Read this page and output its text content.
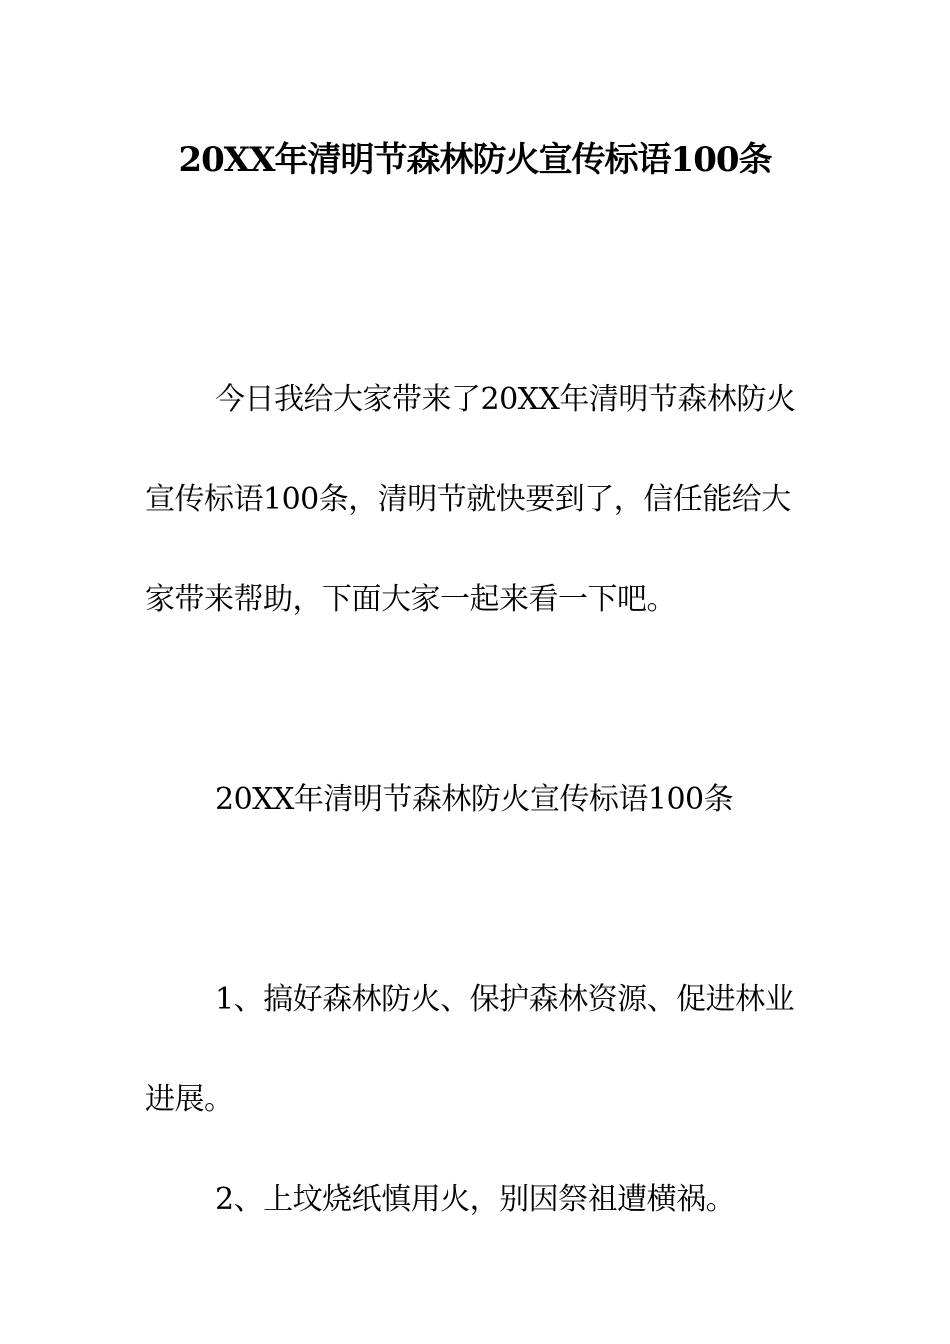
20XX年清明节森林防火宣传标语100条
今日我给大家带来了20XX年清明节森林防火宣传标语100条，清明节就快要到了，信任能给大家带来帮助，下面大家一起来看一下吧。
20XX年清明节森林防火宣传标语100条
1、搞好森林防火、保护森林资源、促进林业进展。
2、上坟烧纸慎用火，别因祭祖遭横祸。
